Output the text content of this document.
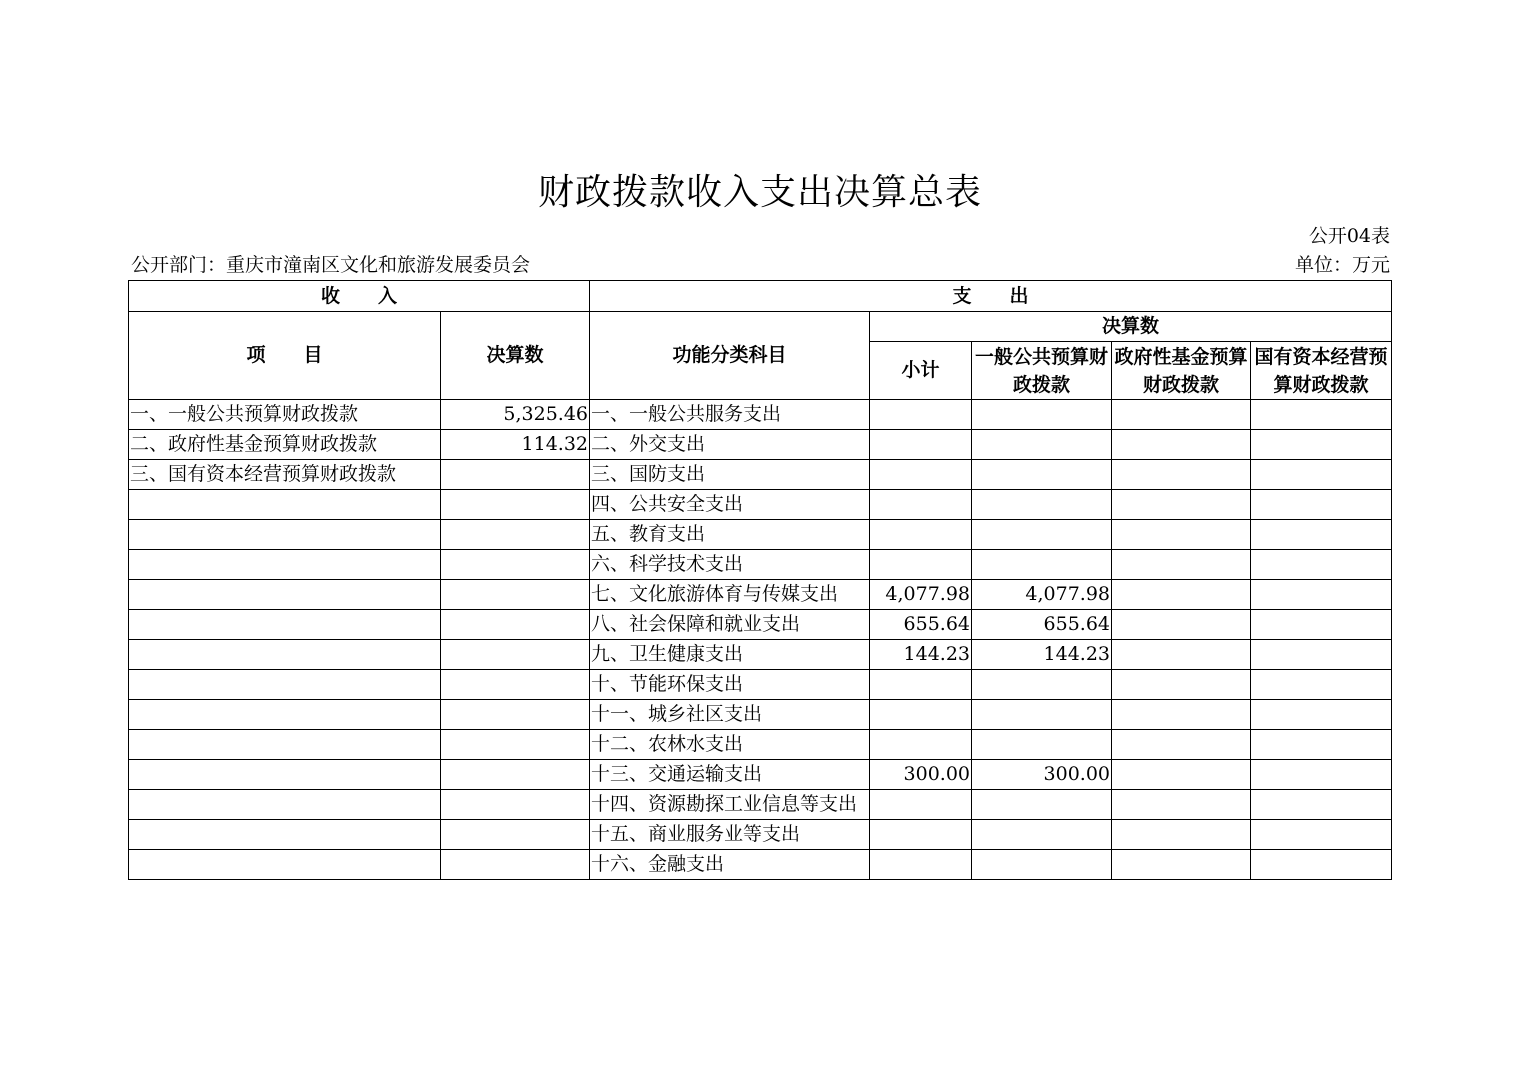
财政拨款收入支出决算总表
公开04表
公开部门：重庆市潼南区文化和旅游发展委员会	单位：万元
收　　入		支　　出				
项　　目	决算数	功能分类科目	决算数			
			小计	一般公共预算财政拨款	政府性基金预算财政拨款	国有资本经营预算财政拨款
一、一般公共预算财政拨款	5,325.46	一、一般公共服务支出				
二、政府性基金预算财政拨款	114.32	二、外交支出				
三、国有资本经营预算财政拨款		三、国防支出				
		四、公共安全支出				
		五、教育支出				
		六、科学技术支出				
		七、文化旅游体育与传媒支出	4,077.98	4,077.98		
		八、社会保障和就业支出	655.64	655.64		
		九、卫生健康支出	144.23	144.23		
		十、节能环保支出				
		十一、城乡社区支出				
		十二、农林水支出				
		十三、交通运输支出	300.00	300.00		
		十四、资源勘探工业信息等支出				
		十五、商业服务业等支出				
		十六、金融支出				
